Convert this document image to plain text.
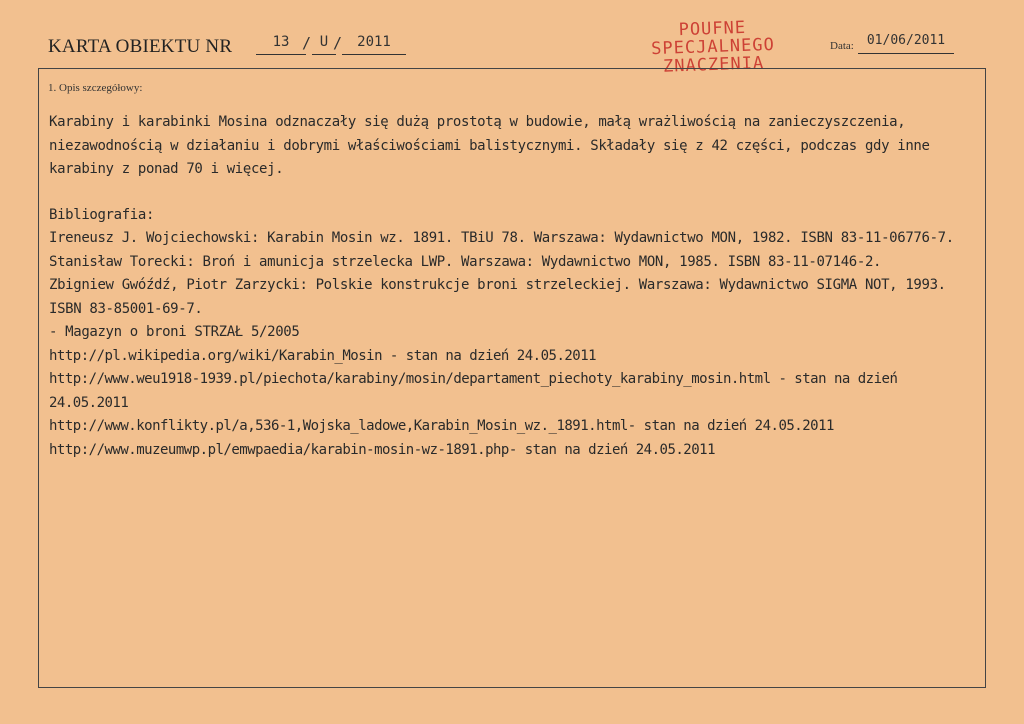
KARTA OBIEKTU NR	13 / U /	2011
POUFNE
SPECJALNEGO
ZNACZENIA
Data:	01/06/2011
1. Opis szczegółowy:

Karabiny i karabinki Mosina odznaczały się dużą prostotą w budowie, małą wrażliwością na zanieczyszczenia, niezawodnością w działaniu i dobrymi właściwościami balistycznymi. Składały się z 42 części, podczas gdy inne karabiny z ponad 70 i więcej.

Bibliografia:

Ireneusz J. Wojciechowski: Karabin Mosin wz. 1891. TBiU 78. Warszawa: Wydawnictwo MON, 1982. ISBN 83-11-06776-7.

Stanisław Torecki: Broń i amunicja strzelecka LWP. Warszawa: Wydawnictwo MON, 1985. ISBN 83-11-07146-2.

Zbigniew Gwóźdź, Piotr Zarzycki: Polskie konstrukcje broni strzeleckiej. Warszawa: Wydawnictwo SIGMA NOT, 1993. ISBN 83-85001-69-7.

- Magazyn o broni STRZAŁ 5/2005

http://pl.wikipedia.org/wiki/Karabin_Mosin - stan na dzień 24.05.2011

http://www.weu1918-1939.pl/piechota/karabiny/mosin/departament_piechoty_karabiny_mosin.html - stan na dzień 24.05.2011

http://www.konflikty.pl/a,536-1,Wojska_ladowe,Karabin_Mosin_wz._1891.html- stan na dzień 24.05.2011

http://www.muzeumwp.pl/emwpaedia/karabin-mosin-wz-1891.php- stan na dzień 24.05.2011
